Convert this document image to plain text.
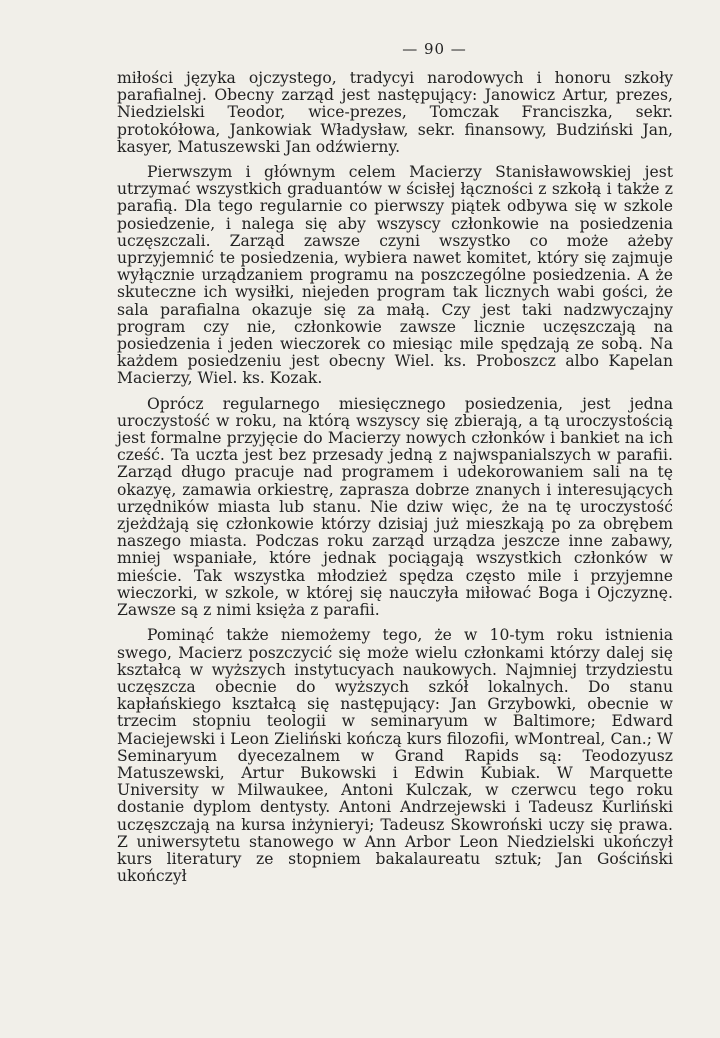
— 90 —

miłości języka ojczystego, tradycyi narodowych i honoru szkoły parafialnej. Obecny zarząd jest następujący: Janowicz Artur, prezes, Niedzielski Teodor, wice-prezes, Tomczak Franciszka, sekr. protokółowa, Jankowiak Władysław, sekr. finansowy, Budziński Jan, kasyer, Matuszewski Jan odźwierny.

Pierwszym i głównym celem Macierzy Stanisławowskiej jest utrzymać wszystkich graduantów w ścisłej łączności z szkołą i także z parafią. Dla tego regularnie co pierwszy piątek odbywa się w szkole posiedzenie, i nalega się aby wszyscy członkowie na posiedzenia uczęszczali. Zarząd zawsze czyni wszystko co może ażeby uprzyjemnić te posiedzenia, wybiera nawet komitet, który się zajmuje wyłącznie urządzaniem programu na poszczególne posiedzenia. A że skuteczne ich wysiłki, niejeden program tak licznych wabi gości, że sala parafialna okazuje się za małą. Czy jest taki nadzwyczajny program czy nie, członkowie zawsze licznie uczęszczają na posiedzenia i jeden wieczorek co miesiąc mile spędzają ze sobą. Na każdem posiedzeniu jest obecny Wiel. ks. Proboszcz albo Kapelan Macierzy, Wiel. ks. Kozak.

Oprócz regularnego miesięcznego posiedzenia, jest jedna uroczystość w roku, na którą wszyscy się zbierają, a tą uroczystością jest formalne przyjęcie do Macierzy nowych członków i bankiet na ich cześć. Ta uczta jest bez przesady jedną z najwspanialszych w parafii. Zarząd długo pracuje nad programem i udekorowaniem sali na tę okazyę, zamawia orkiestrę, zaprasza dobrze znanych i interesujących urzędników miasta lub stanu. Nie dziw więc, że na tę uroczystość zjeżdżają się członkowie którzy dzisiaj już mieszkają po za obrębem naszego miasta. Podczas roku zarząd urządza jeszcze inne zabawy, mniej wspaniałe, które jednak pociągają wszystkich członków w mieście. Tak wszystka młodzież spędza często mile i przyjemne wieczorki, w szkole, w której się nauczyła miłować Boga i Ojczyznę. Zawsze są z nimi księża z parafii.

Pominąć także niemożemy tego, że w 10-tym roku istnienia swego, Macierz poszczycić się może wielu członkami którzy dalej się kształcą w wyższych instytucyach naukowych. Najmniej trzydziestu uczęszcza obecnie do wyższych szkół lokalnych. Do stanu kapłańskiego kształcą się następujący: Jan Grzybowki, obecnie w trzecim stopniu teologii w seminaryum w Baltimore; Edward Maciejewski i Leon Zieliński kończą kurs filozofii, wMontreal, Can.; W Seminaryum dyecezalnem w Grand Rapids są: Teodozyusz Matuszewski, Artur Bukowski i Edwin Kubiak. W Marquette University w Milwaukee, Antoni Kulczak, w czerwcu tego roku dostanie dyplom dentysty. Antoni Andrzejewski i Tadeusz Kurliński uczęszczają na kursa inżynieryi; Tadeusz Skowroński uczy się prawa. Z uniwersytetu stanowego w Ann Arbor Leon Niedzielski ukończył kurs literatury ze stopniem bakalaureatu sztuk; Jan Gościński ukończył
